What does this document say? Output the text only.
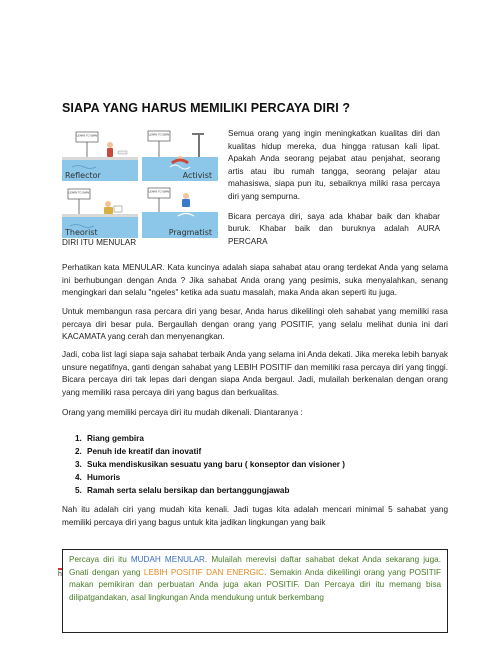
SIAPA YANG HARUS MEMILIKI PERCAYA DIRI ?
LEARN TO SWIM
Reflector
LEARN TO SWIM
Activist
LEARN TO SWIM
Theorist
LEARN TO SWIM
Pragmatist

Semua orang yang ingin meningkatkan kualitas diri dan kualitas hidup mereka, dua hingga ratusan kali lipat. Apakah Anda seorang pejabat atau penjahat, seorang artis atau ibu rumah tangga, seorang pelajar atau mahasiswa, siapa pun itu, sebaiknya miliki rasa percaya diri yang sempurna.

Bicara percaya diri, saya ada khabar baik dan khabar buruk. Khabar baik dan buruknya adalah AURA PERCARA

DIRI ITU MENULAR
Perhatikan kata MENULAR. Kata kuncinya adalah siapa sahabat atau orang terdekat Anda yang selama ini berhubungan dengan Anda ? Jika sahabat Anda orang yang pesimis, suka menyalahkan, senang mengingkari dan selalu "ngeles" ketika ada suatu masalah, maka Anda akan seperti itu juga.
Untuk membangun rasa percara diri yang besar, Anda harus dikelilingi oleh sahabat yang memiliki rasa percaya diri besar pula. Bergaullah dengan orang yang POSITIF, yang selalu melihat dunia ini dari KACAMATA yang cerah dan menyenangkan.
Jadi, coba list lagi siapa saja sahabat terbaik Anda yang selama ini Anda dekati. Jika mereka lebih banyak unsure negatifnya, ganti dengan sahabat yang LEBIH POSITIF dan memiliki rasa percaya diri yang tinggi. Bicara percaya diri tak lepas dari dengan siapa Anda bergaul. Jadi, mulailah berkenalan dengan orang yang memiliki rasa percaya diri yang bagus dan berkualitas.
Orang yang memiliki percaya diri itu mudah dikenali. Diantaranya :
1. Riang gembira
2. Penuh ide kreatif dan inovatif
3. Suka mendiskusikan sesuatu yang baru ( konseptor dan visioner )
4. Humoris
5. Ramah serta selalu bersikap dan bertanggungjawab
Nah itu adalah ciri yang mudah kita kenali. Jadi tugas kita adalah mencari minimal 5 sahabat yang memiliki percaya diri yang bagus untuk kita jadikan lingkungan yang baik
h
Percaya diri itu MUDAH MENULAR. Mulailah merevisi daftar sahabat dekat Anda sekarang juga. Gnati dengan yang LEBIH POSITIF DAN ENERGIC. Semakin Anda dikelilingi orang yang POSITIF makan pemikiran dan perbuatan Anda juga akan POSITIF. Dan Percaya diri itu memang bisa dilipatgandakan, asal lingkungan Anda mendukung untuk berkembang
